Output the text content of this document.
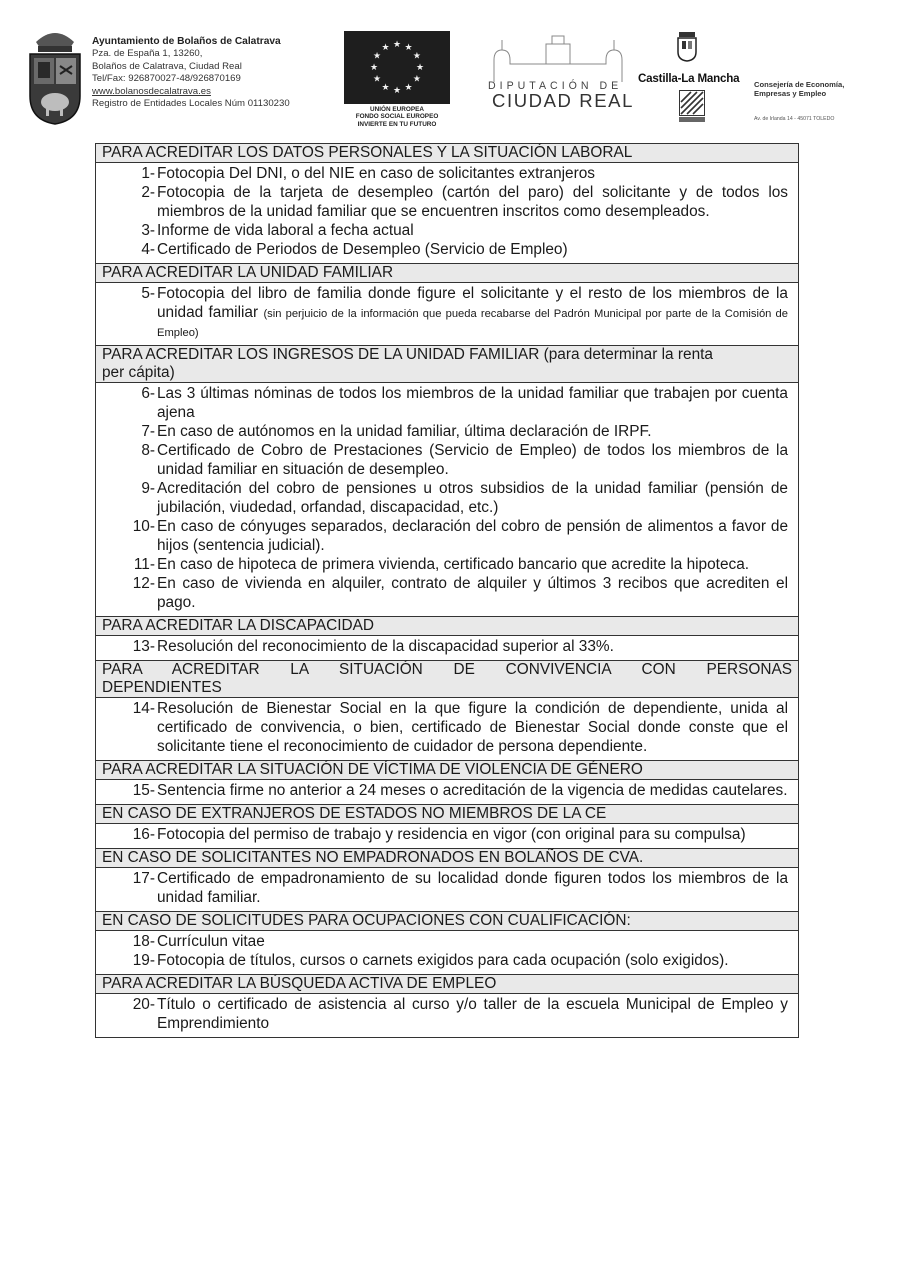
Ayuntamiento de Bolaños de Calatrava
Pza. de España 1, 13260,
Bolaños de Calatrava, Ciudad Real
Tel/Fax: 926870027-48/926870169
www.bolanosdecalatrava.es
Registro de Entidades Locales Núm 01130230
★ ★
★
★
★
★
★
★
★
★
★
★
UNIÓN EUROPEA
FONDO SOCIAL EUROPEO
INVIERTE EN TU FUTURO
DIPUTACIÓN DE
CIUDAD REAL
Castilla-La Mancha Consejería de Economía,
Empresas y Empleo
Av. de Irlanda 14 - 45071 TOLEDO
PARA ACREDITAR LOS DATOS PERSONALES Y LA SITUACIÓN LABORAL
1- Fotocopia Del DNI, o del NIE en caso de solicitantes extranjeros
2- Fotocopia de la tarjeta de desempleo (cartón del paro) del solicitante y de todos los miembros de la unidad familiar que se encuentren inscritos como desempleados.
3- Informe de vida laboral a fecha actual
4- Certificado de Periodos de Desempleo (Servicio de Empleo)
PARA ACREDITAR LA UNIDAD FAMILIAR
5- Fotocopia del libro de familia donde figure el solicitante y el resto de los miembros de la unidad familiar (sin perjuicio de la información que pueda recabarse del Padrón Municipal por parte de la Comisión de Empleo)
PARA ACREDITAR LOS INGRESOS DE LA UNIDAD FAMILIAR (para determinar la renta
per cápita)
6- Las 3 últimas nóminas de todos los miembros de la unidad familiar que trabajen por cuenta ajena
7- En caso de autónomos en la unidad familiar, última declaración de IRPF.
8- Certificado de Cobro de Prestaciones (Servicio de Empleo) de todos los miembros de la unidad familiar en situación de desempleo.
9- Acreditación del cobro de pensiones u otros subsidios de la unidad familiar (pensión de jubilación, viudedad, orfandad, discapacidad, etc.)
10- En caso de cónyuges separados, declaración del cobro de pensión de alimentos a favor de hijos (sentencia judicial).
11- En caso de hipoteca de primera vivienda, certificado bancario que acredite la hipoteca.
12- En caso de vivienda en alquiler, contrato de alquiler y últimos 3 recibos que acrediten el pago.
PARA ACREDITAR LA DISCAPACIDAD
13- Resolución del reconocimiento de la discapacidad superior al 33%.
PARA ACREDITAR LA SITUACIÓN DE CONVIVENCIA CON PERSONAS
DEPENDIENTES
14- Resolución de Bienestar Social en la que figure la condición de dependiente, unida al certificado de convivencia, o bien, certificado de Bienestar Social donde conste que el solicitante tiene el reconocimiento de cuidador de persona dependiente.
PARA ACREDITAR LA SITUACIÓN DE VÍCTIMA DE VIOLENCIA DE GÉNERO
15- Sentencia firme no anterior a 24 meses o acreditación de la vigencia de medidas cautelares.
EN CASO DE EXTRANJEROS DE ESTADOS NO MIEMBROS DE LA CE
16- Fotocopia del permiso de trabajo y residencia en vigor (con original para su compulsa)
EN CASO DE SOLICITANTES NO EMPADRONADOS EN BOLAÑOS DE CVA.
17- Certificado de empadronamiento de su localidad donde figuren todos los miembros de la unidad familiar.
EN CASO DE SOLICITUDES PARA OCUPACIONES CON CUALIFICACIÓN:
18- Currículun vitae
19- Fotocopia de títulos, cursos o carnets exigidos para cada ocupación (solo exigidos).
PARA ACREDITAR LA BÚSQUEDA ACTIVA DE EMPLEO
20- Título o certificado de asistencia al curso y/o taller de la escuela Municipal de Empleo y Emprendimiento
